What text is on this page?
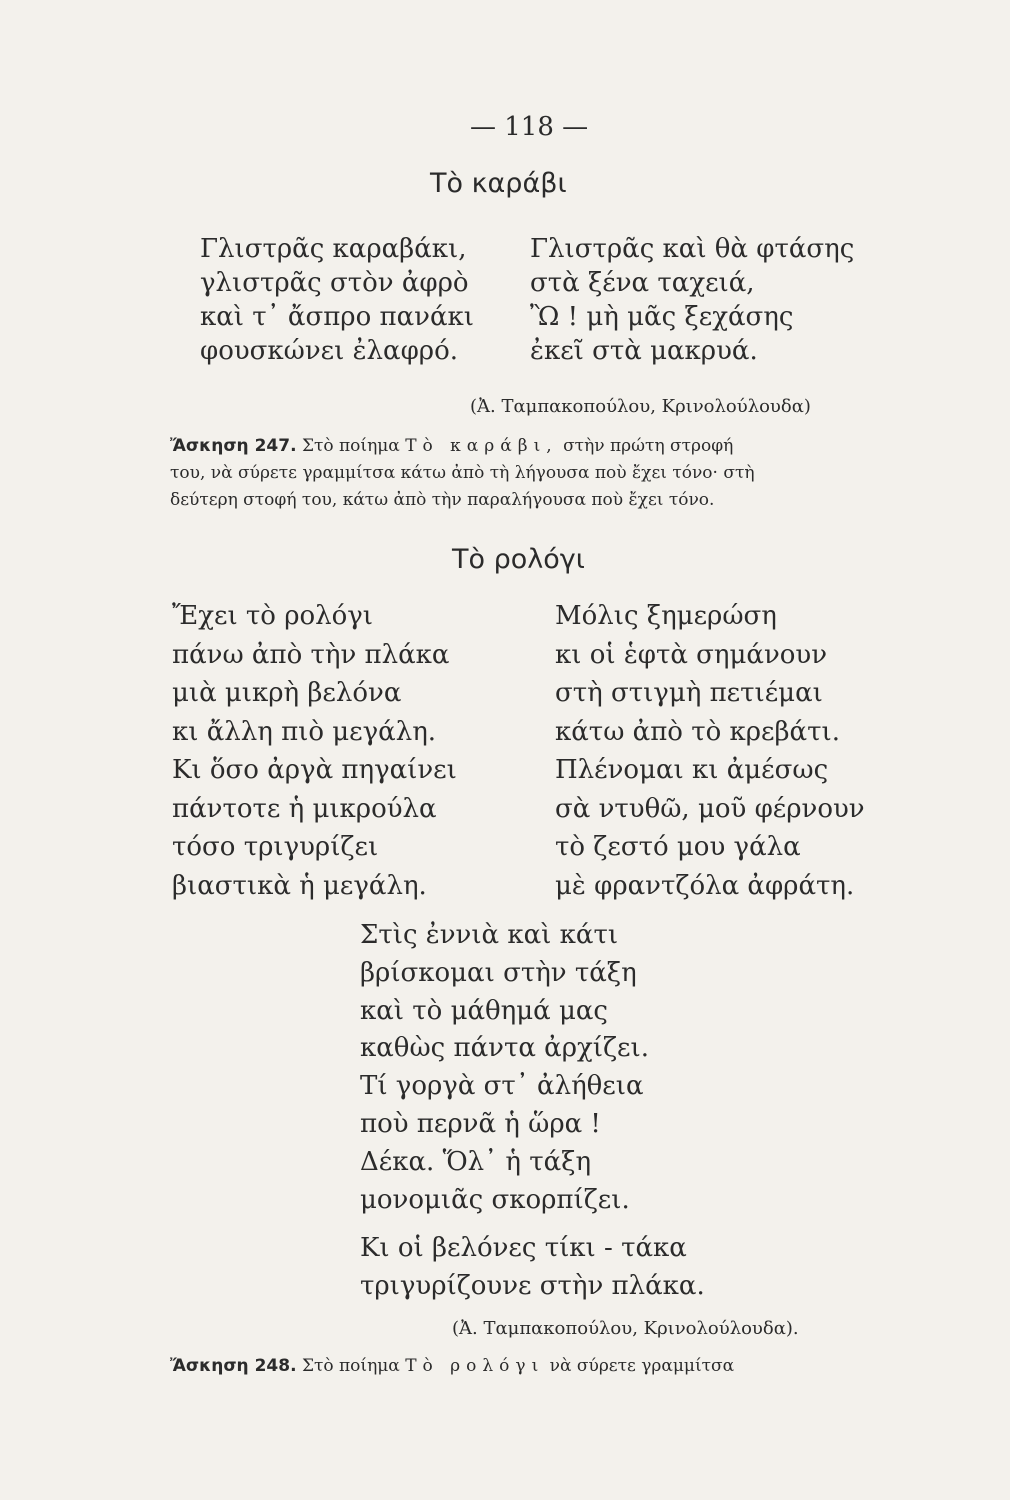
— 118 —
Τὸ καράβι
Γλιστρᾶς καραβάκι,
γλιστρᾶς στὸν ἀφρὸ
καὶ τ᾽ ἄσπρο πανάκι
φουσκώνει ἐλαφρό.
Γλιστρᾶς καὶ θὰ φτάσης
στὰ ξένα ταχειά,
Ὢ ! μὴ μᾶς ξεχάσης
ἐκεῖ στὰ μακρυά.
(Ἀ. Ταμπακοπούλου, Κρινολούλουδα)
Ἄσκηση 247. Στὸ ποίημα Τὸ καράβι, στὴν πρώτη στροφή
του, νὰ σύρετε γραμμίτσα κάτω ἀπὸ τὴ λήγουσα ποὺ ἔχει τόνο· στὴ
δεύτερη στοφή του, κάτω ἀπὸ τὴν παραλήγουσα ποὺ ἔχει τόνο.
Τὸ ρολόγι
Ἔχει τὸ ρολόγι
πάνω ἀπὸ τὴν πλάκα
μιὰ μικρὴ βελόνα
κι ἄλλη πιὸ μεγάλη.
Κι ὅσο ἀργὰ πηγαίνει
πάντοτε ἡ μικρούλα
τόσο τριγυρίζει
βιαστικὰ ἡ μεγάλη.
Μόλις ξημερώση
κι οἱ ἑφτὰ σημάνουν
στὴ στιγμὴ πετιέμαι
κάτω ἀπὸ τὸ κρεβάτι.
Πλένομαι κι ἀμέσως
σὰ ντυθῶ, μοῦ φέρνουν
τὸ ζεστό μου γάλα
μὲ φραντζόλα ἀφράτη.
Στὶς ἐννιὰ καὶ κάτι
βρίσκομαι στὴν τάξη
καὶ τὸ μάθημά μας
καθὼς πάντα ἀρχίζει.
Τί γοργὰ στ᾽ ἀλήθεια
ποὺ περνᾶ ἡ ὥρα !
Δέκα. Ὅλ᾽ ἡ τάξη
μονομιᾶς σκορπίζει.
Κι οἱ βελόνες τίκι - τάκα
τριγυρίζουνε στὴν πλάκα.
(Ἀ. Ταμπακοπούλου, Κρινολούλουδα).
Ἄσκηση 248. Στὸ ποίημα Τὸ ρολόγι νὰ σύρετε γραμμίτσα
